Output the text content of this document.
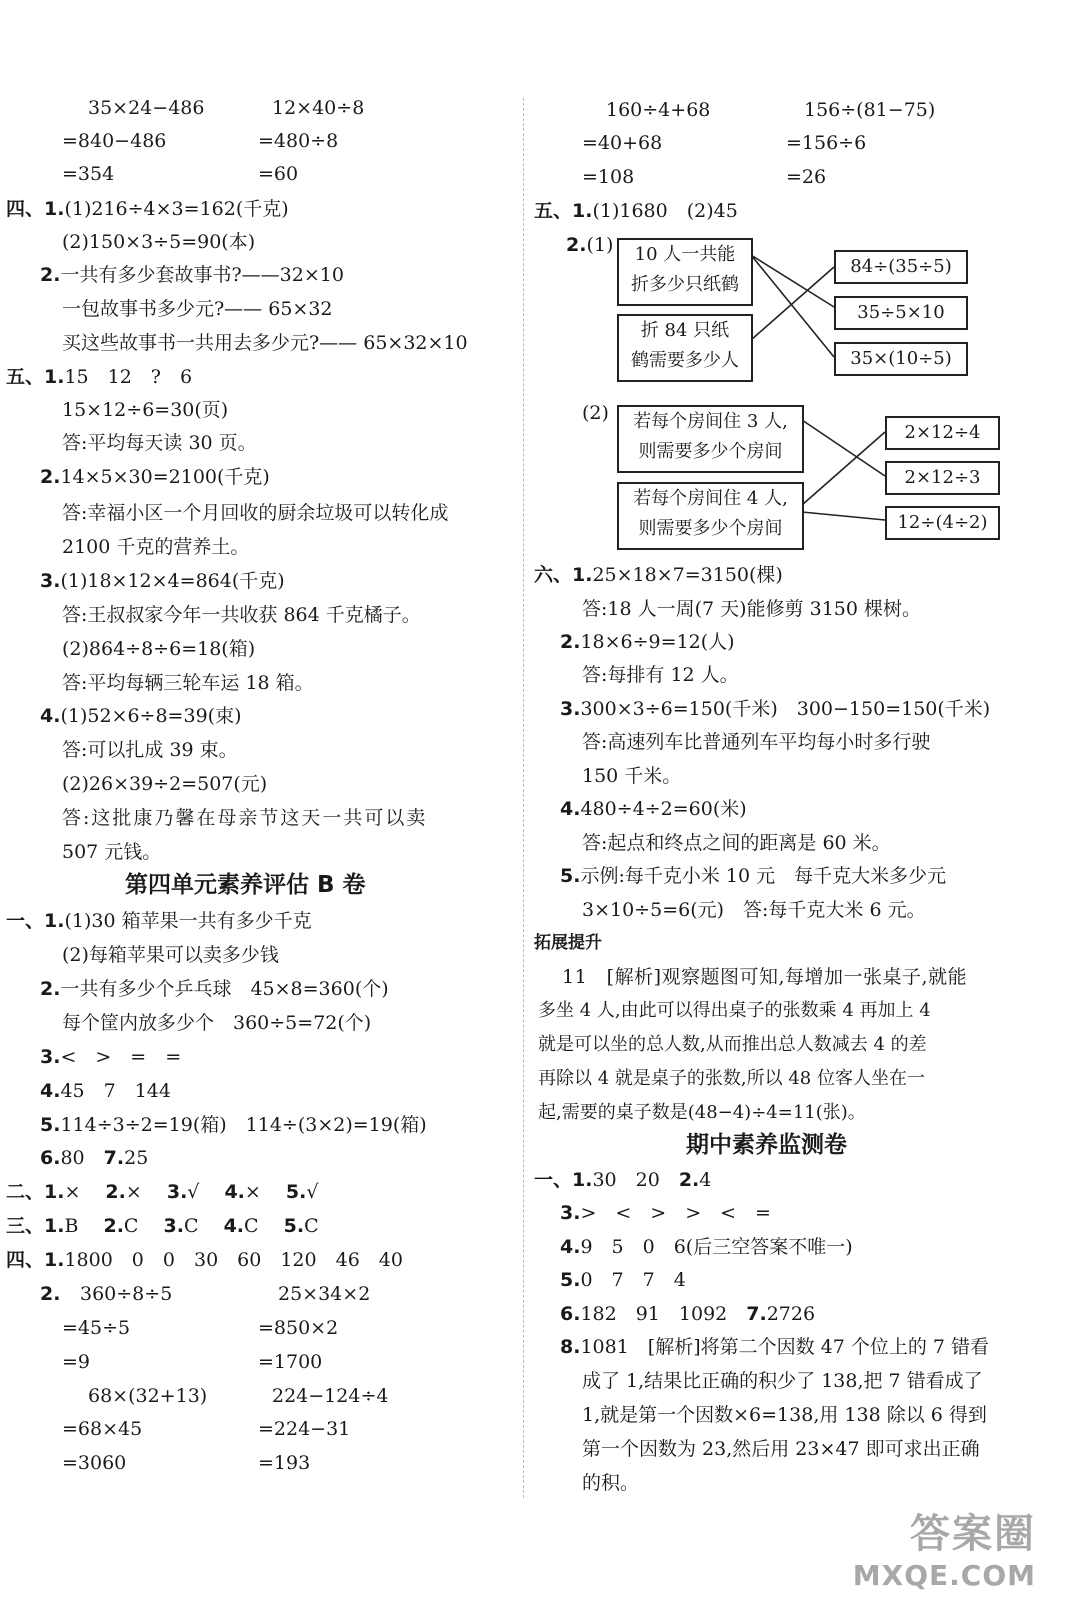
35×24−486
=840−486
=354
12×40÷8
=480÷8
=60
四、1.(1)216÷4×3=162(千克)
(2)150×3÷5=90(本)
2.一共有多少套故事书?——32×10
一包故事书多少元?—— 65×32
买这些故事书一共用去多少元?—— 65×32×10
五、1.15　12　?　6
15×12÷6=30(页)
答:平均每天读 30 页。
2.14×5×30=2100(千克)
答:幸福小区一个月回收的厨余垃圾可以转化成
2100 千克的营养土。
3.(1)18×12×4=864(千克)
答:王叔叔家今年一共收获 864 千克橘子。
(2)864÷8÷6=18(箱)
答:平均每辆三轮车运 18 箱。
4.(1)52×6÷8=39(束)
答:可以扎成 39 束。
(2)26×39÷2=507(元)
答:这批康乃馨在母亲节这天一共可以卖
507 元钱。
第四单元素养评估 B 卷
一、1.(1)30 箱苹果一共有多少千克
(2)每箱苹果可以卖多少钱
2.一共有多少个乒乓球　45×8=360(个)
每个筐内放多少个　360÷5=72(个)
3.<　>　=　=
4.45　7　144
5.114÷3÷2=19(箱)　114÷(3×2)=19(箱)
6.80　 7.25
二、1.×　 2.×　 3.√　 4.×　 5.√
三、1.B　 2.C　 3.C　 4.C　 5.C
四、1.1800　0　0　30　60　120　46　40
2. 360÷8÷5
=45÷5
=9
25×34×2
=850×2
=1700
68×(32+13)
=68×45
=3060
224−124÷4
=224−31
=193
160÷4+68
=40+68
=108
156÷(81−75)
=156÷6
=26
五、1.(1)1680　(2)45
2.(1)	10 人一共能
折多少只纸鹤
折 84 只纸
鹤需要多少人
84÷(35÷5)
35÷5×10
35×(10÷5)
(2)	若每个房间住 3 人,
则需要多少个房间
若每个房间住 4 人,
则需要多少个房间
2×12÷4
2×12÷3
12÷(4÷2)
六、1.25×18×7=3150(棵)
答:18 人一周(7 天)能修剪 3150 棵树。
2.18×6÷9=12(人)
答:每排有 12 人。
3.300×3÷6=150(千米)　300−150=150(千米)
答:高速列车比普通列车平均每小时多行驶
150 千米。
4.480÷4÷2=60(米)
答:起点和终点之间的距离是 60 米。
5.示例:每千克小米 10 元　每千克大米多少元
3×10÷5=6(元)　答:每千克大米 6 元。
拓展提升
11　[解析]观察题图可知,每增加一张桌子,就能
多坐 4 人,由此可以得出桌子的张数乘 4 再加上 4
就是可以坐的总人数,从而推出总人数减去 4 的差
再除以 4 就是桌子的张数,所以 48 位客人坐在一
起,需要的桌子数是(48−4)÷4=11(张)。
期中素养监测卷
一、1.30　20　 2.4
3.>　<　>　>　<　=
4.9　5　0　6(后三空答案不唯一)
5.0　7　7　4
6.182　91　1092　 7.2726
8.1081　[解析]将第二个因数 47 个位上的 7 错看
成了 1,结果比正确的积少了 138,把 7 错看成了
1,就是第一个因数×6=138,用 138 除以 6 得到
第一个因数为 23,然后用 23×47 即可求出正确
的积。
答案圈
MXQE.COM
